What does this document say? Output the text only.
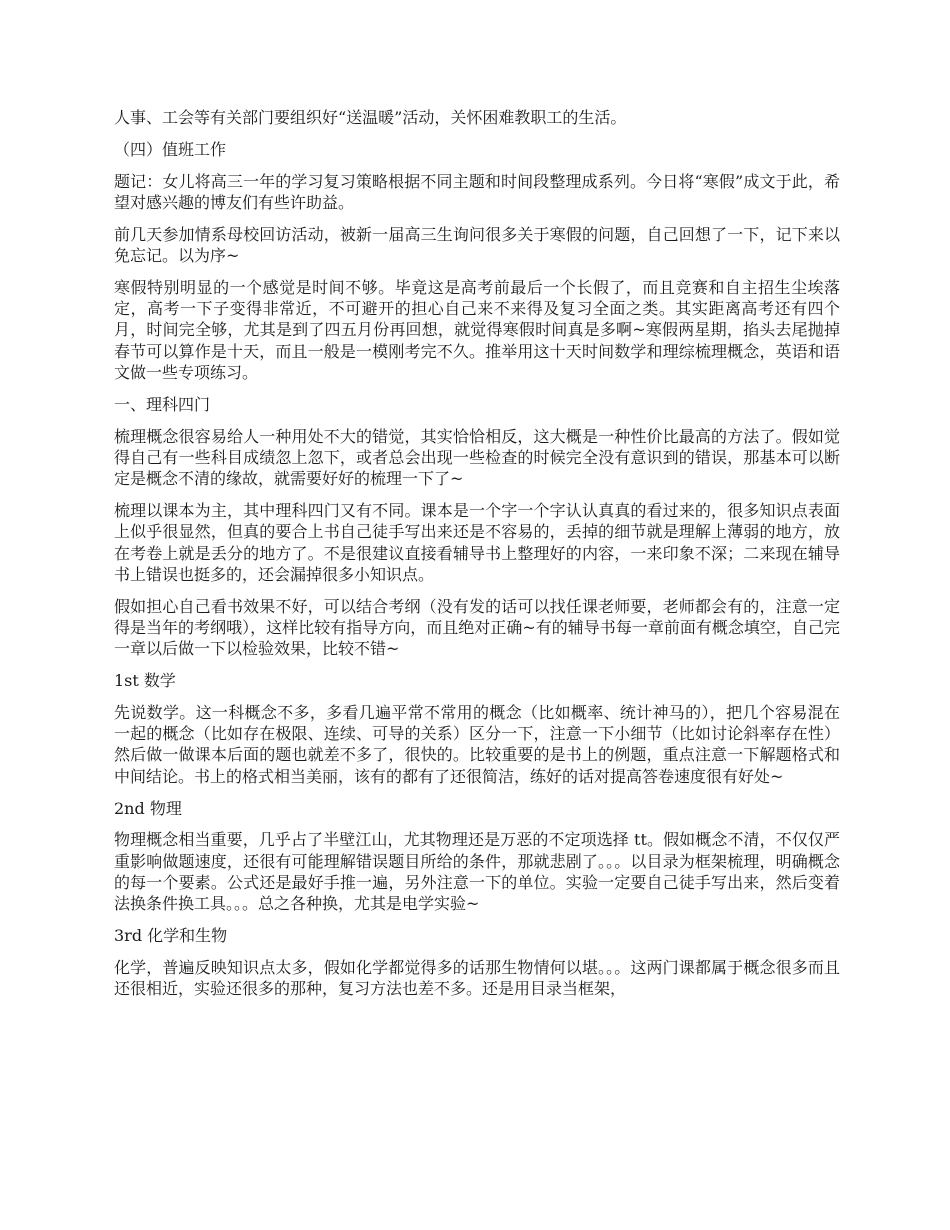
人事、工会等有关部门要组织好“送温暖”活动，关怀困难教职工的生活。

（四）值班工作

题记：女儿将高三一年的学习复习策略根据不同主题和时间段整理成系列。今日将“寒假”成文于此，希望对感兴趣的博友们有些许助益。

前几天参加情系母校回访活动，被新一届高三生询问很多关于寒假的问题，自己回想了一下，记下来以免忘记。以为序~

寒假特别明显的一个感觉是时间不够。毕竟这是高考前最后一个长假了，而且竞赛和自主招生尘埃落定，高考一下子变得非常近，不可避开的担心自己来不来得及复习全面之类。其实距离高考还有四个月，时间完全够，尤其是到了四五月份再回想，就觉得寒假时间真是多啊~寒假两星期，掐头去尾抛掉春节可以算作是十天，而且一般是一模刚考完不久。推举用这十天时间数学和理综梳理概念，英语和语文做一些专项练习。

一、理科四门

梳理概念很容易给人一种用处不大的错觉，其实恰恰相反，这大概是一种性价比最高的方法了。假如觉得自己有一些科目成绩忽上忽下，或者总会出现一些检查的时候完全没有意识到的错误，那基本可以断定是概念不清的缘故，就需要好好的梳理一下了~

梳理以课本为主，其中理科四门又有不同。课本是一个字一个字认认真真的看过来的，很多知识点表面上似乎很显然，但真的要合上书自己徒手写出来还是不容易的，丢掉的细节就是理解上薄弱的地方，放在考卷上就是丢分的地方了。不是很建议直接看辅导书上整理好的内容，一来印象不深；二来现在辅导书上错误也挺多的，还会漏掉很多小知识点。

假如担心自己看书效果不好，可以结合考纲（没有发的话可以找任课老师要，老师都会有的，注意一定得是当年的考纲哦），这样比较有指导方向，而且绝对正确~有的辅导书每一章前面有概念填空，自己完一章以后做一下以检验效果，比较不错~

1st 数学

先说数学。这一科概念不多，多看几遍平常不常用的概念（比如概率、统计神马的），把几个容易混在一起的概念（比如存在极限、连续、可导的关系）区分一下，注意一下小细节（比如讨论斜率存在性）然后做一做课本后面的题也就差不多了，很快的。比较重要的是书上的例题，重点注意一下解题格式和中间结论。书上的格式相当美丽，该有的都有了还很简洁，练好的话对提高答卷速度很有好处~

2nd 物理

物理概念相当重要，几乎占了半壁江山，尤其物理还是万恶的不定项选择 tt。假如概念不清，不仅仅严重影响做题速度，还很有可能理解错误题目所给的条件，那就悲剧了。。。以目录为框架梳理，明确概念的每一个要素。公式还是最好手推一遍，另外注意一下的单位。实验一定要自己徒手写出来，然后变着法换条件换工具。。。总之各种换，尤其是电学实验~

3rd 化学和生物

化学，普遍反映知识点太多，假如化学都觉得多的话那生物情何以堪。。。这两门课都属于概念很多而且还很相近，实验还很多的那种，复习方法也差不多。还是用目录当框架，
